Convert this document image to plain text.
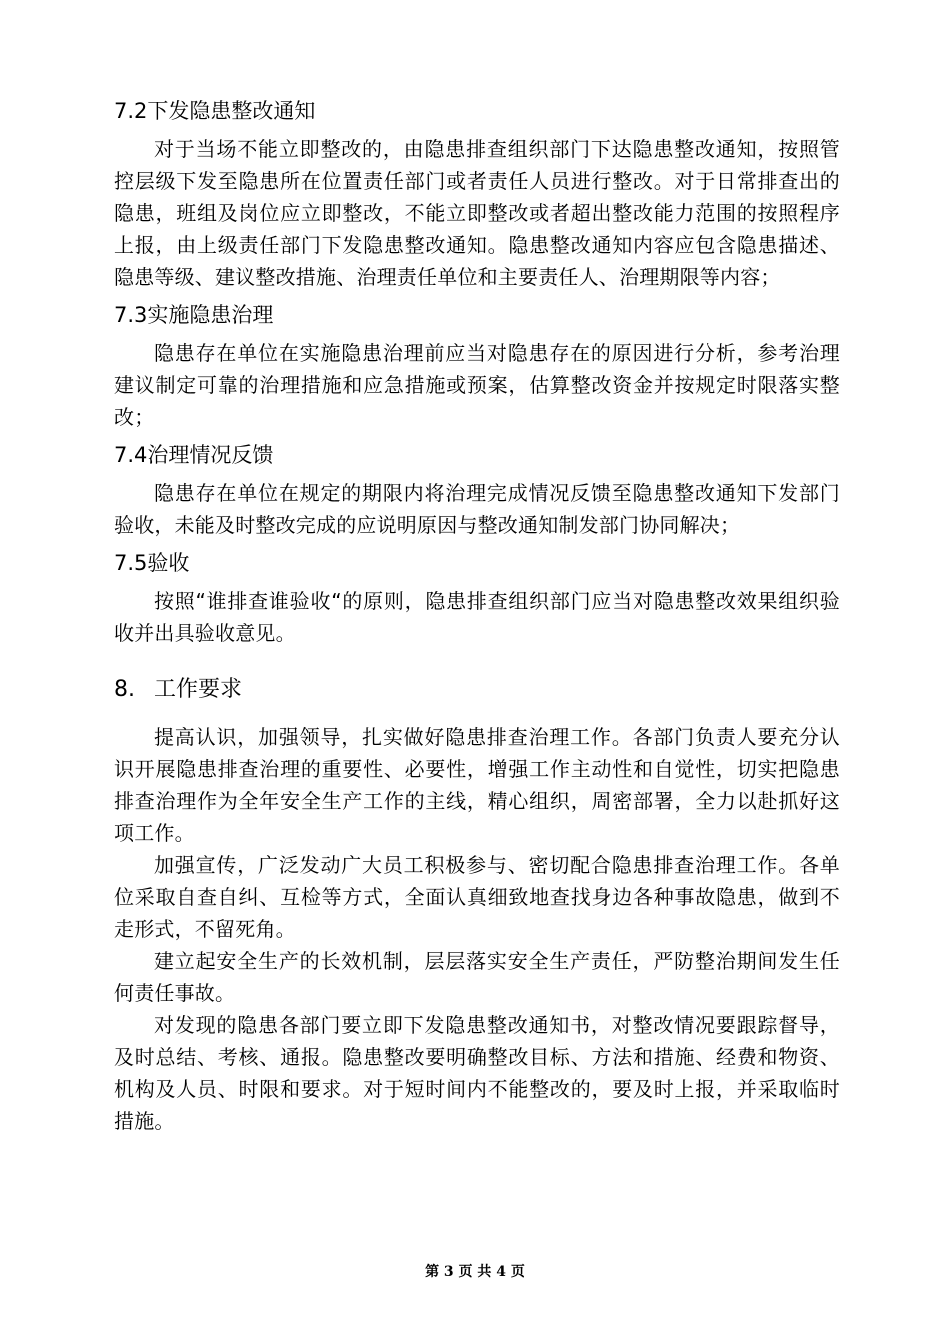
7.2下发隐患整改通知

对于当场不能立即整改的，由隐患排查组织部门下达隐患整改通知，按照管控层级下发至隐患所在位置责任部门或者责任人员进行整改。对于日常排查出的隐患，班组及岗位应立即整改，不能立即整改或者超出整改能力范围的按照程序上报，由上级责任部门下发隐患整改通知。隐患整改通知内容应包含隐患描述、隐患等级、建议整改措施、治理责任单位和主要责任人、治理期限等内容；

7.3实施隐患治理

隐患存在单位在实施隐患治理前应当对隐患存在的原因进行分析，参考治理建议制定可靠的治理措施和应急措施或预案，估算整改资金并按规定时限落实整改；

7.4治理情况反馈

隐患存在单位在规定的期限内将治理完成情况反馈至隐患整改通知下发部门验收，未能及时整改完成的应说明原因与整改通知制发部门协同解决；

7.5验收

按照“谁排查谁验收“的原则，隐患排查组织部门应当对隐患整改效果组织验收并出具验收意见。

8. 工作要求

提高认识，加强领导，扎实做好隐患排查治理工作。各部门负责人要充分认识开展隐患排查治理的重要性、必要性，增强工作主动性和自觉性，切实把隐患排查治理作为全年安全生产工作的主线，精心组织，周密部署，全力以赴抓好这项工作。

加强宣传，广泛发动广大员工积极参与、密切配合隐患排查治理工作。各单位采取自查自纠、互检等方式，全面认真细致地查找身边各种事故隐患，做到不走形式，不留死角。

建立起安全生产的长效机制，层层落实安全生产责任，严防整治期间发生任何责任事故。

对发现的隐患各部门要立即下发隐患整改通知书，对整改情况要跟踪督导，及时总结、考核、通报。隐患整改要明确整改目标、方法和措施、经费和物资、机构及人员、时限和要求。对于短时间内不能整改的，要及时上报，并采取临时措施。

第 3 页 共 4 页
